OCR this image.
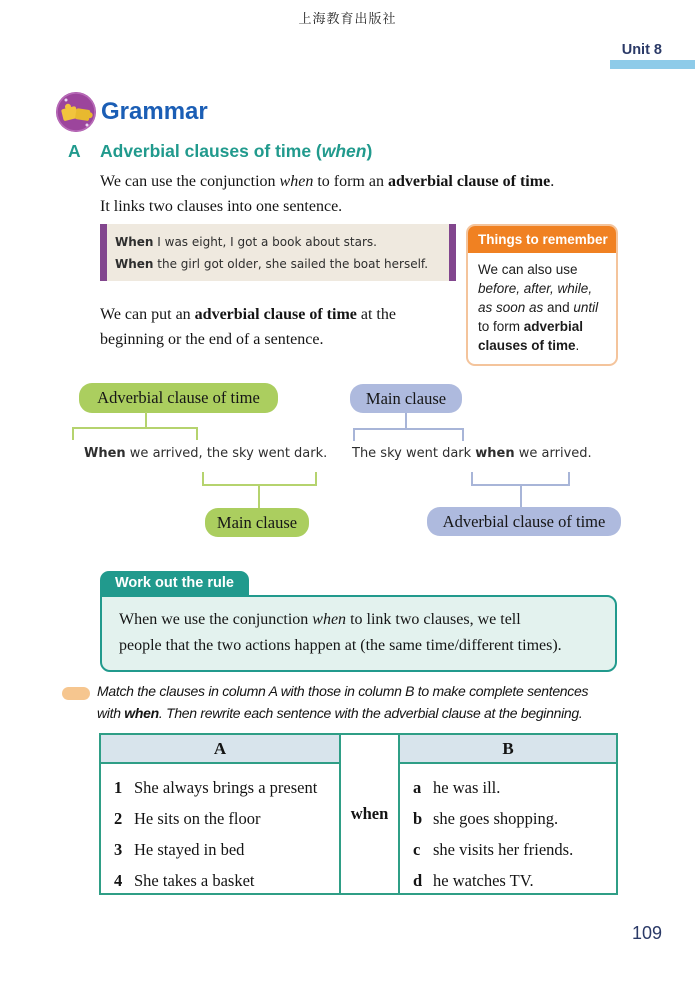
上海教育出版社
Unit 8
Grammar
A	Adverbial clauses of time (when)
We can use the conjunction when to form an adverbial clause of time.
It links two clauses into one sentence.
When I was eight, I got a book about stars.
When the girl got older, she sailed the boat herself.
Things to remember
We can also use
before, after, while,
as soon as and until
to form adverbial
clauses of time.
We can put an adverbial clause of time at the
beginning or the end of a sentence.
Adverbial clause of time
When we arrived, the sky went dark.
Main clause
Main clause
The sky went dark when we arrived.
Adverbial clause of time
Work out the rule
When we use the conjunction when to link two clauses, we tell
people that the two actions happen at (the same time/different times).
Match the clauses in column A with those in column B to make complete sentences
with when. Then rewrite each sentence with the adverbial clause at the beginning.
A
1 She always brings a present
2 He sits on the floor
3 He stayed in bed
4 She takes a basket
when
B
a he was ill.
b she goes shopping.
c she visits her friends.
d he watches TV.
109
